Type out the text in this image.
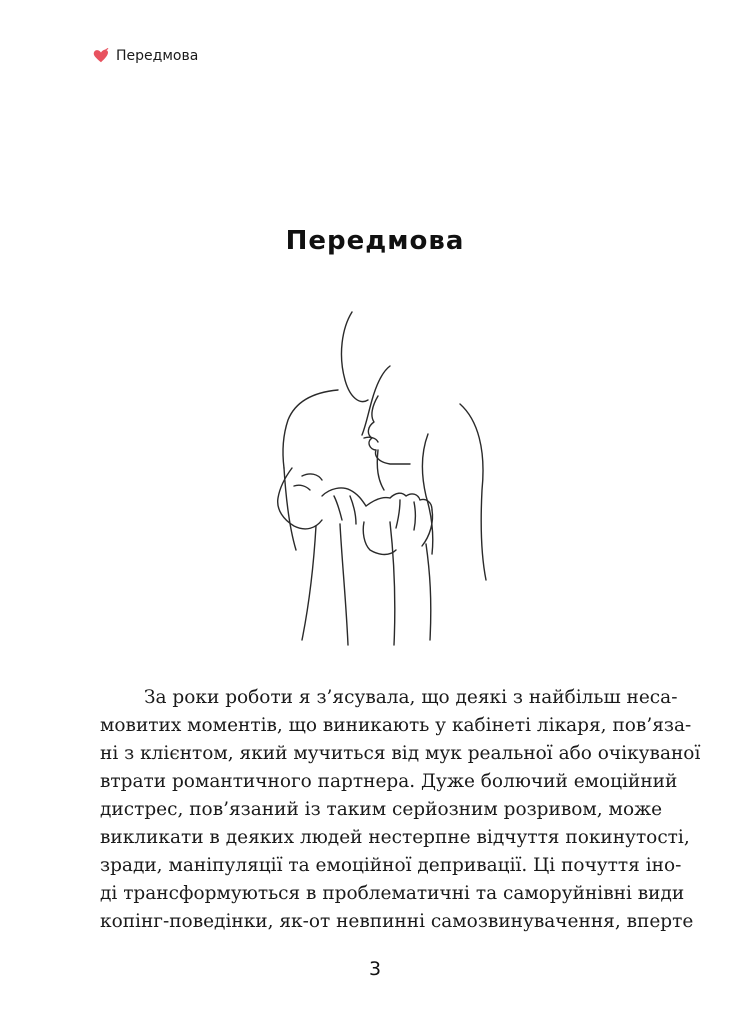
Передмова
Передмова

За роки роботи я з’ясувала, що деякі з найбільш неса-
мовитих моментів, що виникають у кабінеті лікаря, пов’яза-
ні з клієнтом, який мучиться від мук реальної або очікуваної
втрати романтичного партнера. Дуже болючий емоційний
дистрес, пов’язаний із таким серйозним розривом, може
викликати в деяких людей нестерпне відчуття покинутості,
зради, маніпуляції та емоційної депривації. Ці почуття іно-
ді трансформуються в проблематичні та саморуйнівні види
копінг-поведінки, як-от невпинні самозвинувачення, вперте

3
